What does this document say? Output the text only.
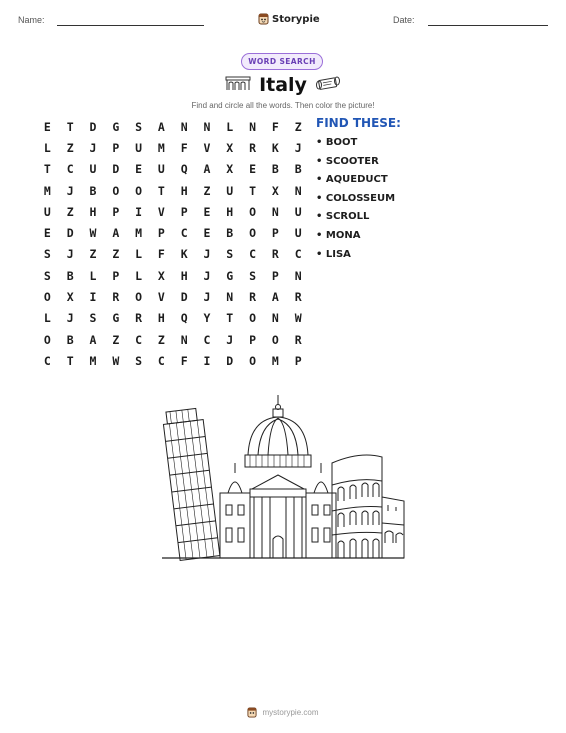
Name:	Storypie	Date:
WORD SEARCH
Italy
Find and circle all the words. Then color the picture!
E	T	D	G	S	A	N	N	L	N	F	Z
L	Z	J	P	U	M	F	V	X	R	K	J
T	C	U	D	E	U	Q	A	X	E	B	B
M	J	B	O	O	T	H	Z	U	T	X	N
U	Z	H	P	I	V	P	E	H	O	N	U
E	D	W	A	M	P	C	E	B	O	P	U
S	J	Z	Z	L	F	K	J	S	C	R	C
S	B	L	P	L	X	H	J	G	S	P	N
O	X	I	R	O	V	D	J	N	R	A	R
L	J	S	G	R	H	Q	Y	T	O	N	W
O	B	A	Z	C	Z	N	C	J	P	O	R
C	T	M	W	S	C	F	I	D	O	M	P
FIND THESE:
• BOOT
• SCOOTER
• AQUEDUCT
• COLOSSEUM
• SCROLL
• MONA
• LISA
mystorypie.com
